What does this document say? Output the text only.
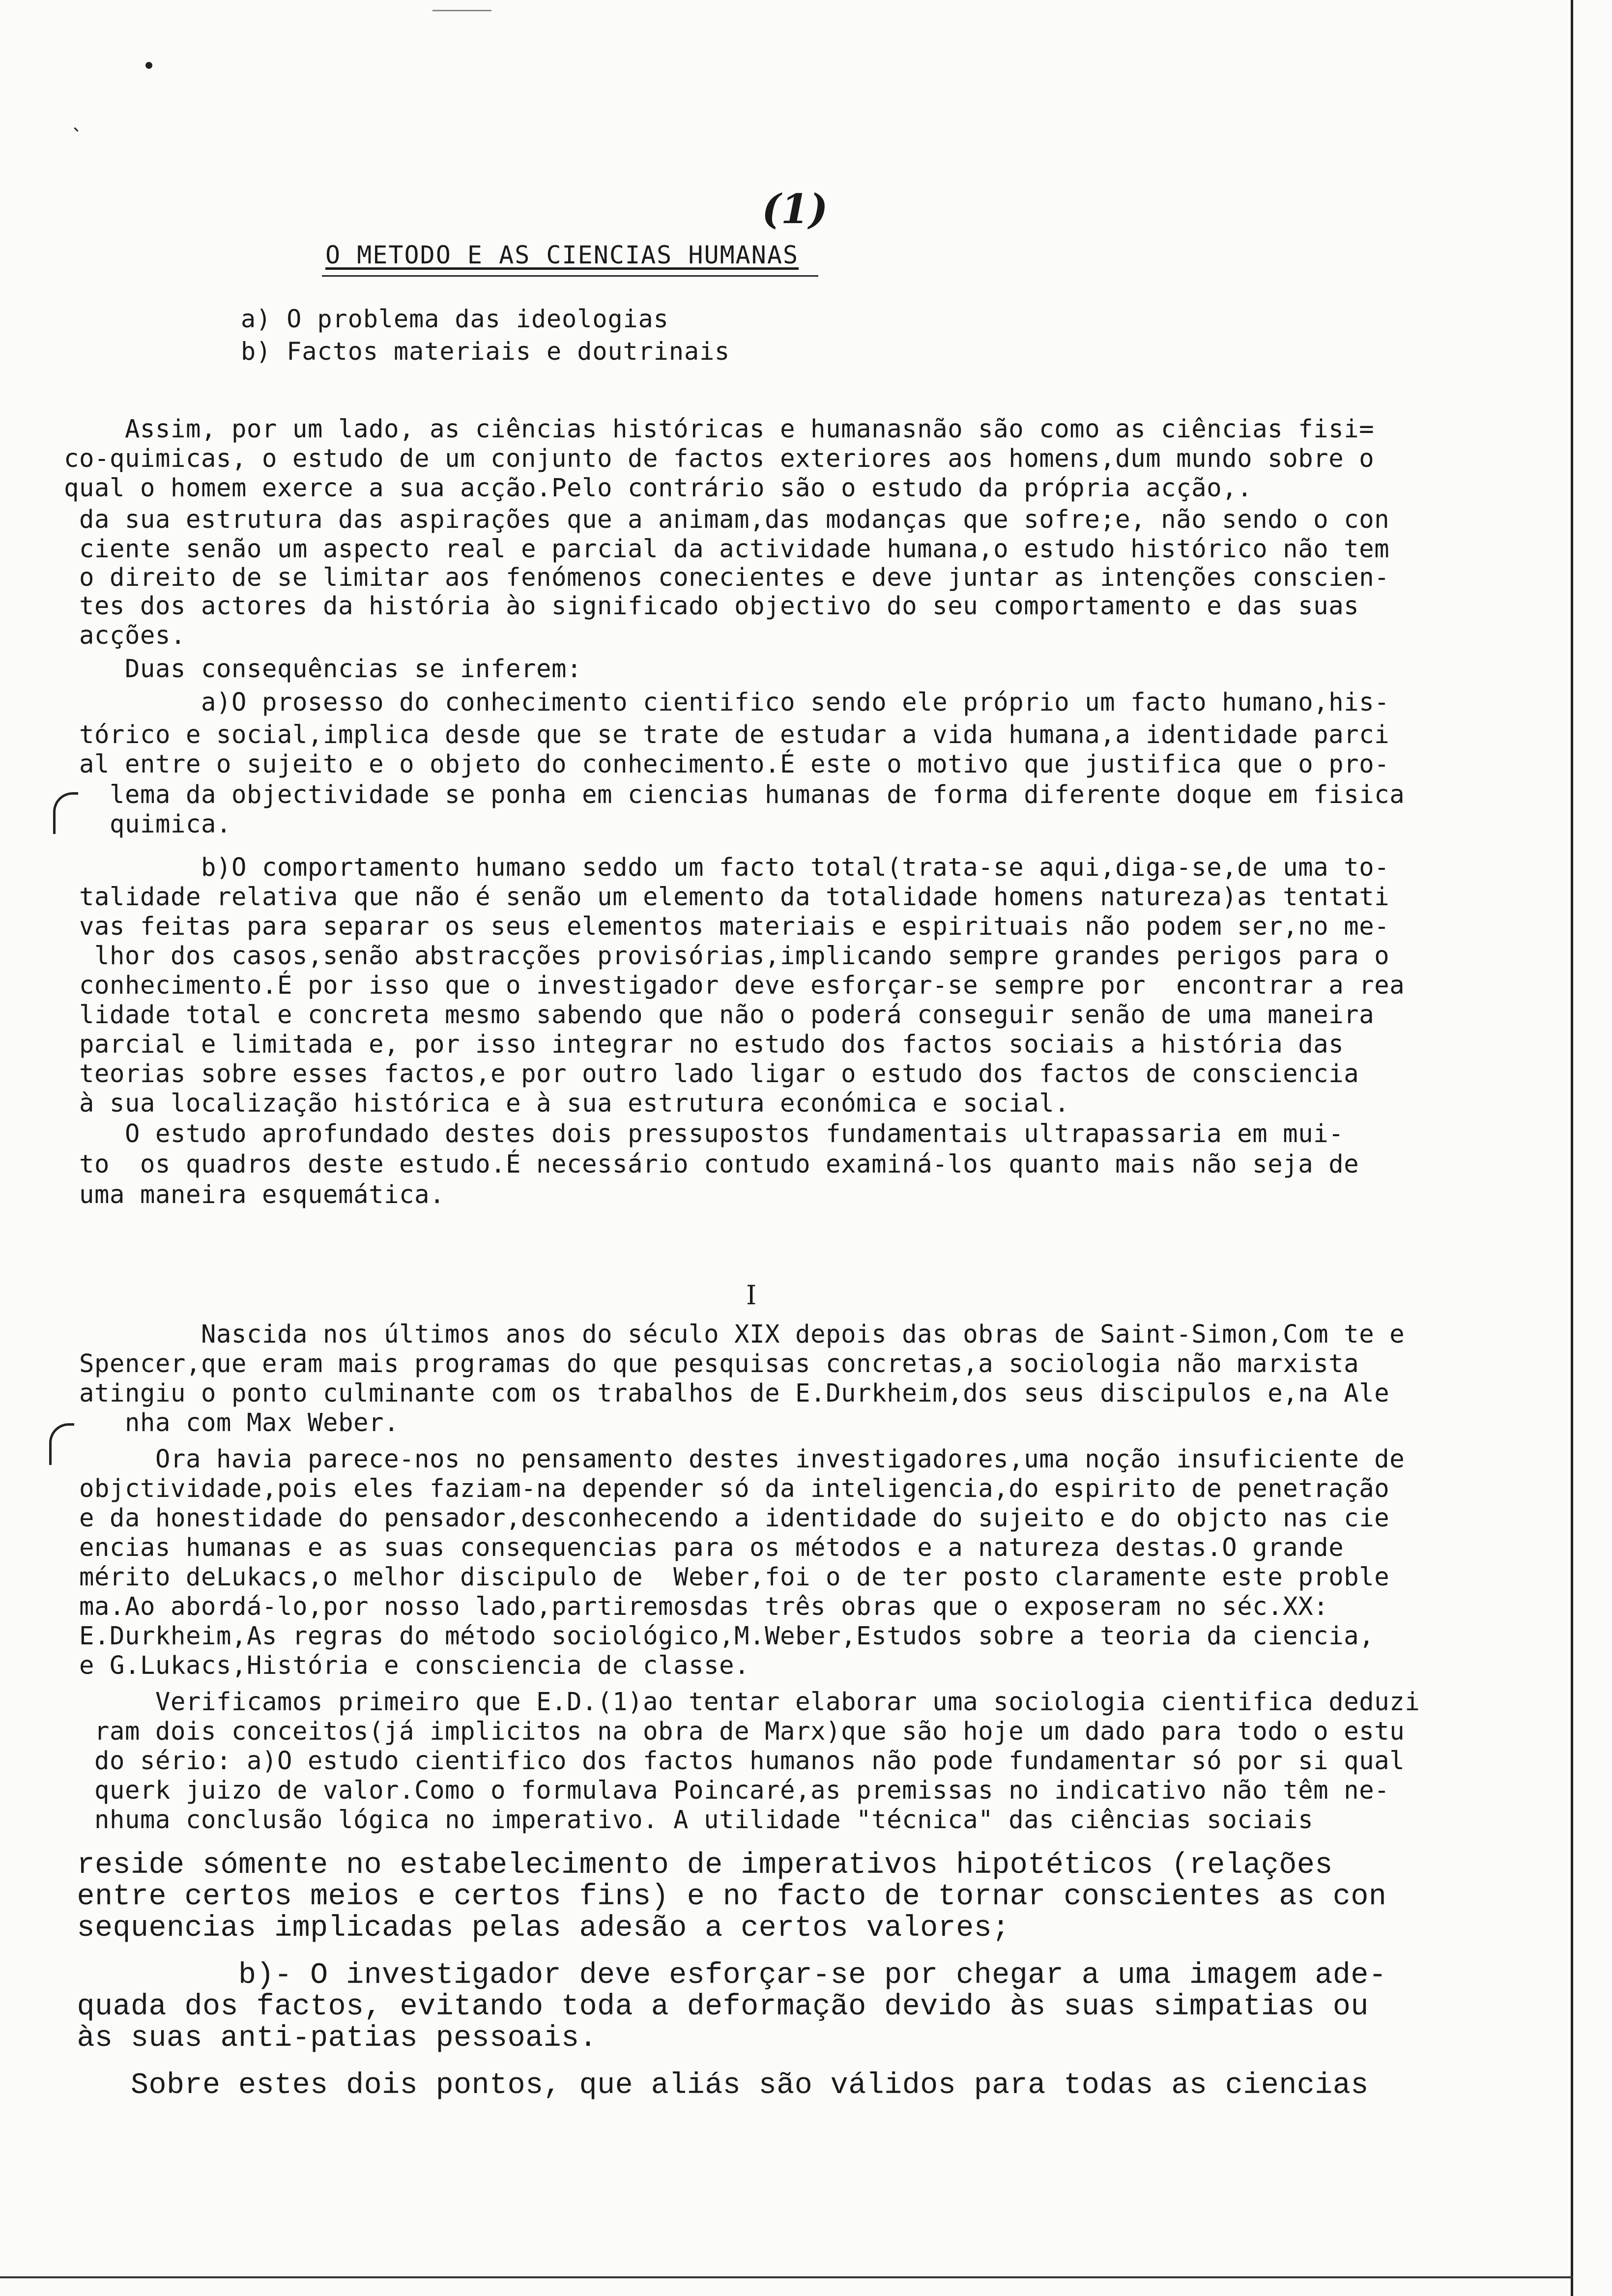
(1)
O METODO E AS CIENCIAS HUMANAS
a) O problema das ideologias
b) Factos materiais e doutrinais
I
Assim, por um lado, as ciências históricas e humanasnão são como as ciências fisi=
co-quimicas, o estudo de um conjunto de factos exteriores aos homens,dum mundo sobre o
qual o homem exerce a sua acção.Pelo contrário são o estudo da própria acção,.
da sua estrutura das aspirações que a animam,das modanças que sofre;e, não sendo o con
ciente senão um aspecto real e parcial da actividade humana,o estudo histórico não tem
o direito de se limitar aos fenómenos conecientes e deve juntar as intenções conscien-
tes dos actores da história ào significado objectivo do seu comportamento e das suas
acções.
Duas consequências se inferem:
a)O prosesso do conhecimento cientifico sendo ele próprio um facto humano,his-
tórico e social,implica desde que se trate de estudar a vida humana,a identidade parci
al entre o sujeito e o objeto do conhecimento.É este o motivo que justifica que o pro-
lema da objectividade se ponha em ciencias humanas de forma diferente doque em fisica
quimica.
b)O comportamento humano seddo um facto total(trata-se aqui,diga-se,de uma to-
talidade relativa que não é senão um elemento da totalidade homens natureza)as tentati
vas feitas para separar os seus elementos materiais e espirituais não podem ser,no me-
lhor dos casos,senão abstracções provisórias,implicando sempre grandes perigos para o
conhecimento.É por isso que o investigador deve esforçar-se sempre por  encontrar a rea
lidade total e concreta mesmo sabendo que não o poderá conseguir senão de uma maneira
parcial e limitada e, por isso integrar no estudo dos factos sociais a história das
teorias sobre esses factos,e por outro lado ligar o estudo dos factos de consciencia
à sua localização histórica e à sua estrutura económica e social.
O estudo aprofundado destes dois pressupostos fundamentais ultrapassaria em mui-
to  os quadros deste estudo.É necessário contudo examiná-los quanto mais não seja de
uma maneira esquemática.
Nascida nos últimos anos do século XIX depois das obras de Saint-Simon,Com te e
Spencer,que eram mais programas do que pesquisas concretas,a sociologia não marxista
atingiu o ponto culminante com os trabalhos de E.Durkheim,dos seus discipulos e,na Ale
nha com Max Weber.
Ora havia parece-nos no pensamento destes investigadores,uma noção insuficiente de
objctividade,pois eles faziam-na depender só da inteligencia,do espirito de penetração
e da honestidade do pensador,desconhecendo a identidade do sujeito e do objcto nas cie
encias humanas e as suas consequencias para os métodos e a natureza destas.O grande
mérito deLukacs,o melhor discipulo de  Weber,foi o de ter posto claramente este proble
ma.Ao abordá-lo,por nosso lado,partiremosdas três obras que o exposeram no séc.XX:
E.Durkheim,As regras do método sociológico,M.Weber,Estudos sobre a teoria da ciencia,
e G.Lukacs,História e consciencia de classe.
Verificamos primeiro que E.D.(1)ao tentar elaborar uma sociologia cientifica deduzi
ram dois conceitos(já implicitos na obra de Marx)que são hoje um dado para todo o estu
do sério: a)O estudo cientifico dos factos humanos não pode fundamentar só por si qual
querk juizo de valor.Como o formulava Poincaré,as premissas no indicativo não têm ne-
nhuma conclusão lógica no imperativo. A utilidade "técnica" das ciências sociais
reside sómente no estabelecimento de imperativos hipotéticos (relações
entre certos meios e certos fins) e no facto de tornar conscientes as con
sequencias implicadas pelas adesão a certos valores;
b)- O investigador deve esforçar-se por chegar a uma imagem ade-
quada dos factos, evitando toda a deformação devido às suas simpatias ou
às suas anti-patias pessoais.
Sobre estes dois pontos, que aliás são válidos para todas as ciencias
